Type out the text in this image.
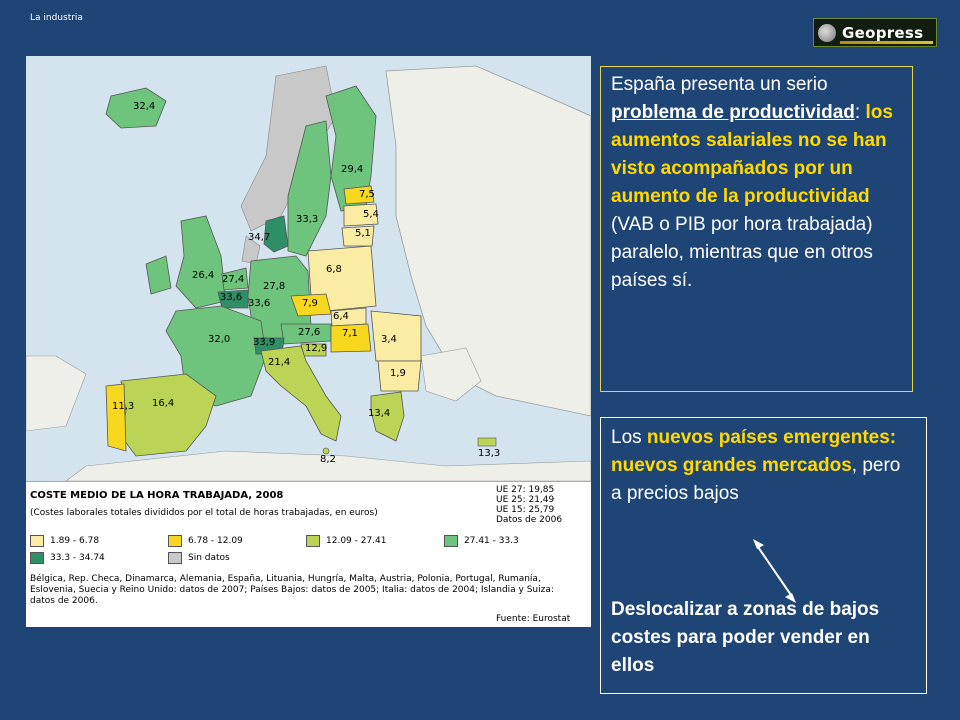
La industria
Geopress
32,4
29,4
7,5
5,4
5,1
33,3
34,7
26,4 27,4
33,6
33,6
27,8
6,8
7,9
6,4
27,6 7,1
32,0 33,9
12,9
21,4
3,4
1,9
11,3 16,4
13,4
8,2
13,3
COSTE MEDIO DE LA HORA TRABAJADA, 2008
(Costes laborales totales divididos por el total de horas trabajadas, en euros)
UE 27: 19,85
UE 25: 21,49
UE 15: 25,79
Datos de 2006
1.89 - 6.78	6.78 - 12.09	12.09 - 27.41	27.41 - 33.3
33.3 - 34.74	Sin datos
Bélgica, Rep. Checa, Dinamarca, Alemania, España, Lituania, Hungría, Malta, Austria, Polonia, Portugal, Rumanía, Eslovenia, Suecia y Reino Unido: datos de 2007; Países Bajos: datos de 2005; Italia: datos de 2004; Islandia y Suiza: datos de 2006.
Fuente: Eurostat
España presenta un serio problema de productividad: los aumentos salariales no se han visto acompañados por un aumento de la productividad (VAB o PIB por hora trabajada) paralelo, mientras que en otros países sí.
Los nuevos países emergentes: nuevos grandes mercados, pero a precios bajos
Deslocalizar a zonas de bajos costes para poder vender en ellos
